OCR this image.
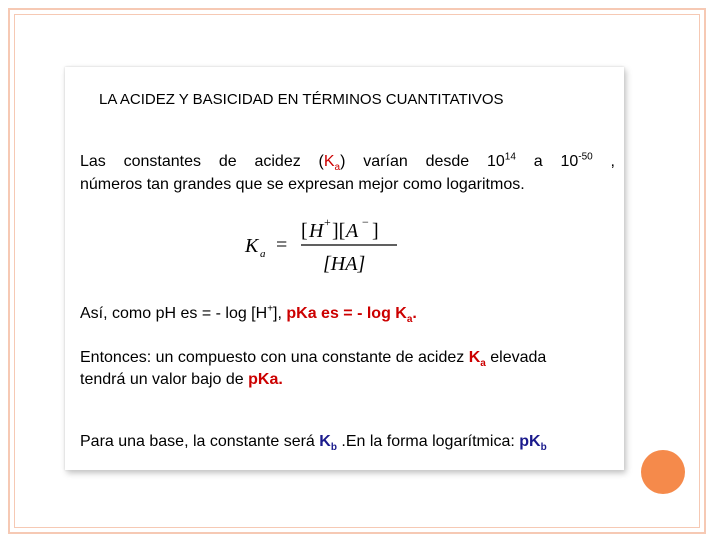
LA ACIDEZ Y BASICIDAD EN TÉRMINOS CUANTITATIVOS
Las constantes de acidez $(K_a)$ varían desde $10^{14}$ a $10^{-50}$ ,
números tan grandes que se expresan mejor como logaritmos.
K a =
[ H + ][ A − ]
[HA]
Así, como pH es = - log [H+], pKa es = - $\log K_a$.
Entonces: un compuesto con una constante de acidez $K_a$ elevada
tendrá un valor bajo de pKa.
Para una base, la constante será $K_b$ .En la forma logarítmica: $pK_b$
